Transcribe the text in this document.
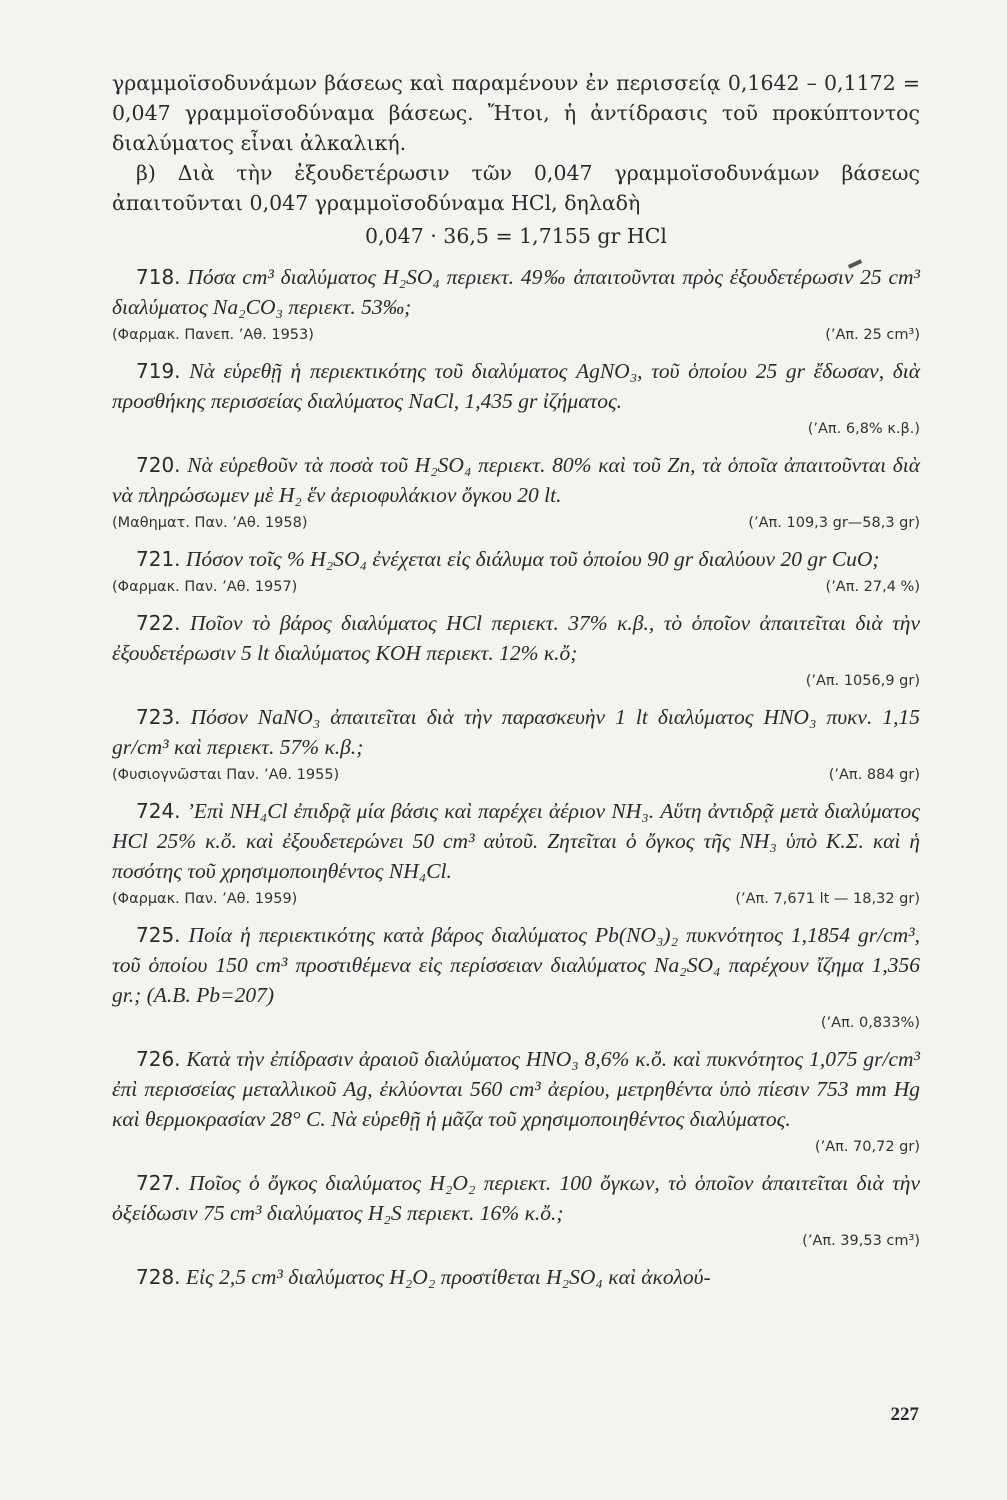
γραμμοϊσοδυνάμων βάσεως καὶ παραμένουν ἐν περισσείᾳ 0,1642 – 0,1172 = 0,047 γραμμοϊσοδύναμα βάσεως. Ἤτοι, ἡ ἀντίδρασις τοῦ προκύπτοντος διαλύματος εἶναι ἀλκαλική.

β) Διὰ τὴν ἐξουδετέρωσιν τῶν 0,047 γραμμοϊσοδυνάμων βάσεως ἀπαιτοῦνται 0,047 γραμμοϊσοδύναμα HCl, δηλαδὴ

0,047 · 36,5 = 1,7155 gr HCl

718. Πόσα cm³ διαλύματος H₂SO₄ περιεκτ. 49‰ ἀπαιτοῦνται πρὸς ἐξουδετέρωσιν 25 cm³ διαλύματος Na₂CO₃ περιεκτ. 53‰;

(Φαρμακ. Πανεπ. ’Αθ. 1953)	(’Απ. 25 cm³)

719. Νὰ εὑρεθῇ ἡ περιεκτικότης τοῦ διαλύματος AgNO₃, τοῦ ὁποίου 25 gr ἔδωσαν, διὰ προσθήκης περισσείας διαλύματος NaCl, 1,435 gr ἰζήματος.

(’Απ. 6,8% κ.β.)

720. Νὰ εὑρεθοῦν τὰ ποσὰ τοῦ H₂SO₄ περιεκτ. 80% καὶ τοῦ Zn, τὰ ὁποῖα ἀπαιτοῦνται διὰ νὰ πληρώσωμεν μὲ H₂ ἕν ἀεριοφυλάκιον ὄγκου 20 lt.

(Μαθηματ. Παν. ’Αθ. 1958)	(’Απ. 109,3 gr—58,3 gr)

721. Πόσον τοῖς % H₂SO₄ ἐνέχεται εἰς διάλυμα τοῦ ὁποίου 90 gr διαλύουν 20 gr CuO;

(Φαρμακ. Παν. ’Αθ. 1957)	(’Απ. 27,4 %)

722. Ποῖον τὸ βάρος διαλύματος HCl περιεκτ. 37% κ.β., τὸ ὁποῖον ἀπαιτεῖται διὰ τὴν ἐξουδετέρωσιν 5 lt διαλύματος KOH περιεκτ. 12% κ.ὄ;

(’Απ. 1056,9 gr)

723. Πόσον NaNO₃ ἀπαιτεῖται διὰ τὴν παρασκευὴν 1 lt διαλύματος HNO₃ πυκν. 1,15 gr/cm³ καὶ περιεκτ. 57% κ.β.;

(Φυσιογνῶσται Παν. ’Αθ. 1955)	(’Απ. 884 gr)

724. ’Επὶ NH₄Cl ἐπιδρᾷ μία βάσις καὶ παρέχει ἀέριον NH₃. Αὕτη ἀντιδρᾷ μετὰ διαλύματος HCl 25% κ.ὄ. καὶ ἐξουδετερώνει 50 cm³ αὐτοῦ. Ζητεῖται ὁ ὄγκος τῆς NH₃ ὑπὸ Κ.Σ. καὶ ἡ ποσότης τοῦ χρησιμοποιηθέντος NH₄Cl.

(Φαρμακ. Παν. ’Αθ. 1959)	(’Απ. 7,671 lt — 18,32 gr)

725. Ποία ἡ περιεκτικότης κατὰ βάρος διαλύματος Pb(NO₃)₂ πυκνότητος 1,1854 gr/cm³, τοῦ ὁποίου 150 cm³ προστιθέμενα εἰς περίσσειαν διαλύματος Na₂SO₄ παρέχουν ἴζημα 1,356 gr.; (A.B. Pb=207)

(’Απ. 0,833%)

726. Κατὰ τὴν ἐπίδρασιν ἀραιοῦ διαλύματος HNO₃ 8,6% κ.ὄ. καὶ πυκνότητος 1,075 gr/cm³ ἐπὶ περισσείας μεταλλικοῦ Ag, ἐκλύονται 560 cm³ ἀερίου, μετρηθέντα ὑπὸ πίεσιν 753 mm Hg καὶ θερμοκρασίαν 28° C. Νὰ εὑρεθῇ ἡ μᾶζα τοῦ χρησιμοποιηθέντος διαλύματος.

(’Απ. 70,72 gr)

727. Ποῖος ὁ ὄγκος διαλύματος H₂O₂ περιεκτ. 100 ὄγκων, τὸ ὁποῖον ἀπαιτεῖται διὰ τὴν ὀξείδωσιν 75 cm³ διαλύματος H₂S περιεκτ. 16% κ.ὄ.;

(’Απ. 39,53 cm³)

728. Εἰς 2,5 cm³ διαλύματος H₂O₂ προστίθεται H₂SO₄ καὶ ἀκολού-

227
